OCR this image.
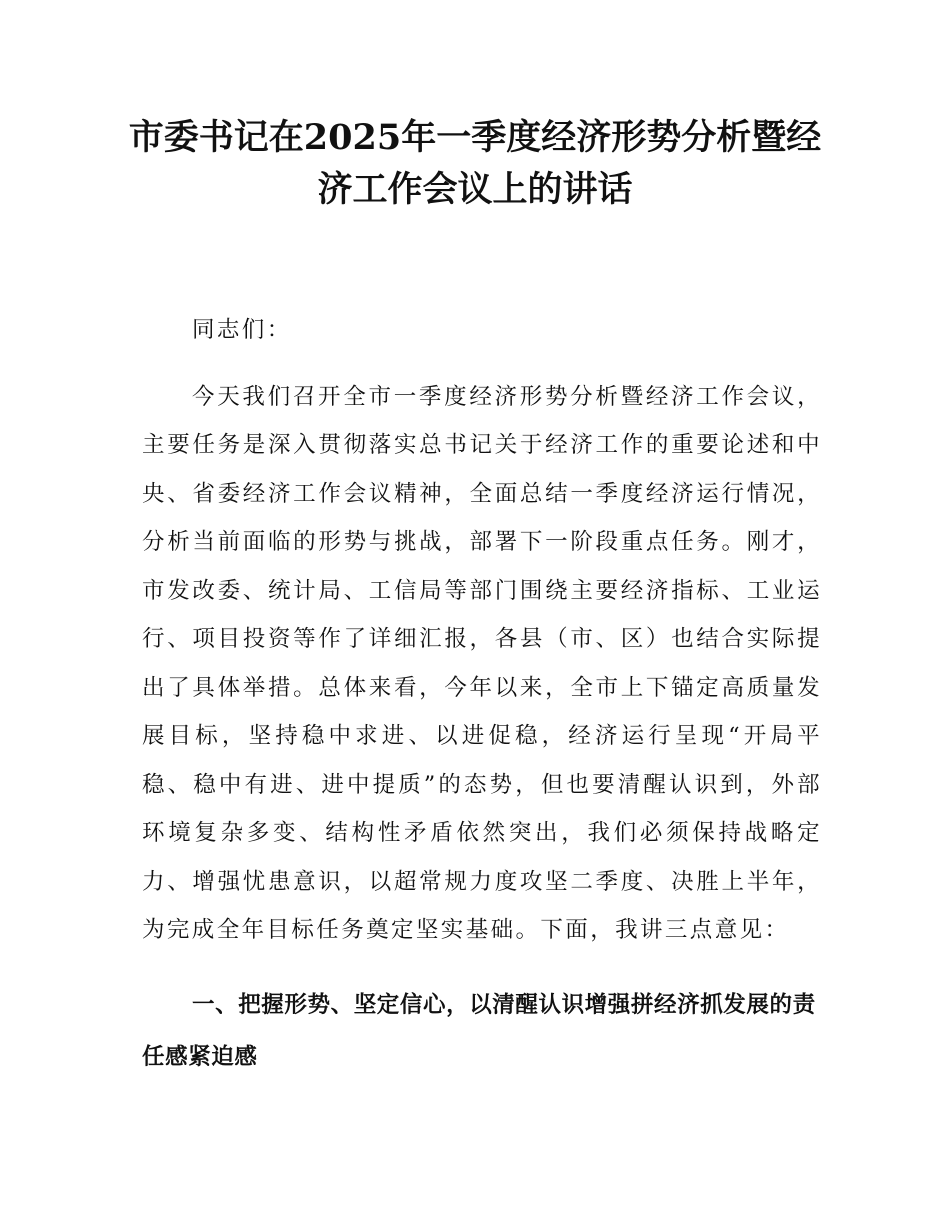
市委书记在2025年一季度经济形势分析暨经
济工作会议上的讲话

同志们：

今天我们召开全市一季度经济形势分析暨经济工作会议，主要任务是深入贯彻落实总书记关于经济工作的重要论述和中央、省委经济工作会议精神，全面总结一季度经济运行情况，分析当前面临的形势与挑战，部署下一阶段重点任务。刚才，市发改委、统计局、工信局等部门围绕主要经济指标、工业运行、项目投资等作了详细汇报，各县（市、区）也结合实际提出了具体举措。总体来看，今年以来，全市上下锚定高质量发展目标，坚持稳中求进、以进促稳，经济运行呈现“开局平稳、稳中有进、进中提质”的态势，但也要清醒认识到，外部环境复杂多变、结构性矛盾依然突出，我们必须保持战略定力、增强忧患意识，以超常规力度攻坚二季度、决胜上半年，为完成全年目标任务奠定坚实基础。下面，我讲三点意见：

一、把握形势、坚定信心，以清醒认识增强拼经济抓发展的责任感紧迫感
